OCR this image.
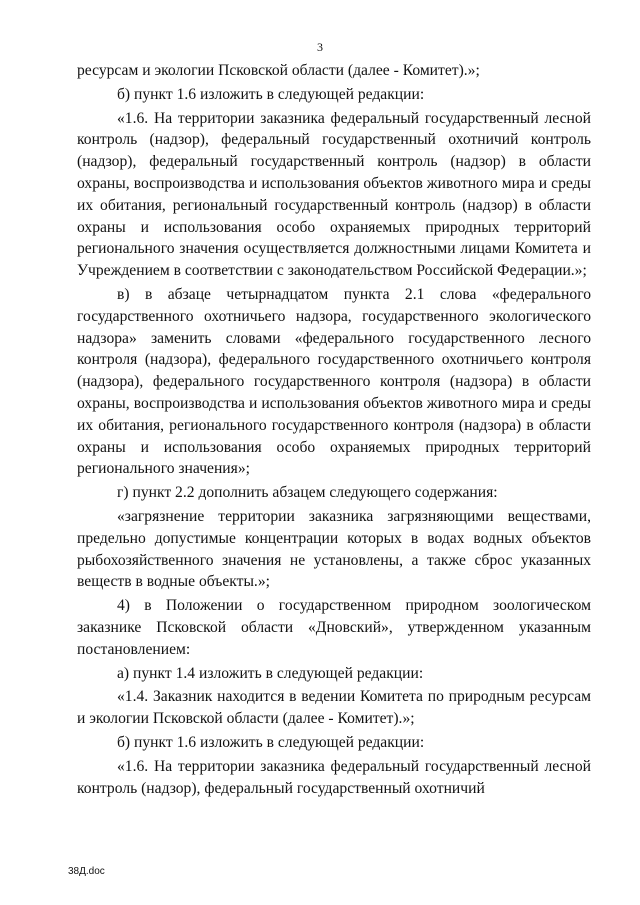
3

ресурсам и экологии Псковской области (далее - Комитет).»;

б) пункт 1.6 изложить в следующей редакции:

«1.6. На территории заказника федеральный государственный лесной контроль (надзор), федеральный государственный охотничий контроль (надзор), федеральный государственный контроль (надзор) в области охраны, воспроизводства и использования объектов животного мира и среды их обитания, региональный государственный контроль (надзор) в области охраны и использования особо охраняемых природных территорий регионального значения осуществляется должностными лицами Комитета и Учреждением в соответствии с законодательством Российской Федерации.»;

в) в абзаце четырнадцатом пункта 2.1 слова «федерального государственного охотничьего надзора, государственного экологического надзора» заменить словами «федерального государственного лесного контроля (надзора), федерального государственного охотничьего контроля (надзора), федерального государственного контроля (надзора) в области охраны, воспроизводства и использования объектов животного мира и среды их обитания, регионального государственного контроля (надзора) в области охраны и использования особо охраняемых природных территорий регионального значения»;

г) пункт 2.2 дополнить абзацем следующего содержания:

«загрязнение территории заказника загрязняющими веществами, предельно допустимые концентрации которых в водах водных объектов рыбохозяйственного значения не установлены, а также сброс указанных веществ в водные объекты.»;

4) в Положении о государственном природном зоологическом заказнике Псковской области «Дновский», утвержденном указанным постановлением:

а) пункт 1.4 изложить в следующей редакции:

«1.4. Заказник находится в ведении Комитета по природным ресурсам и экологии Псковской области (далее - Комитет).»;

б) пункт 1.6 изложить в следующей редакции:

«1.6. На территории заказника федеральный государственный лесной контроль (надзор), федеральный государственный охотничий

38Д.doc
